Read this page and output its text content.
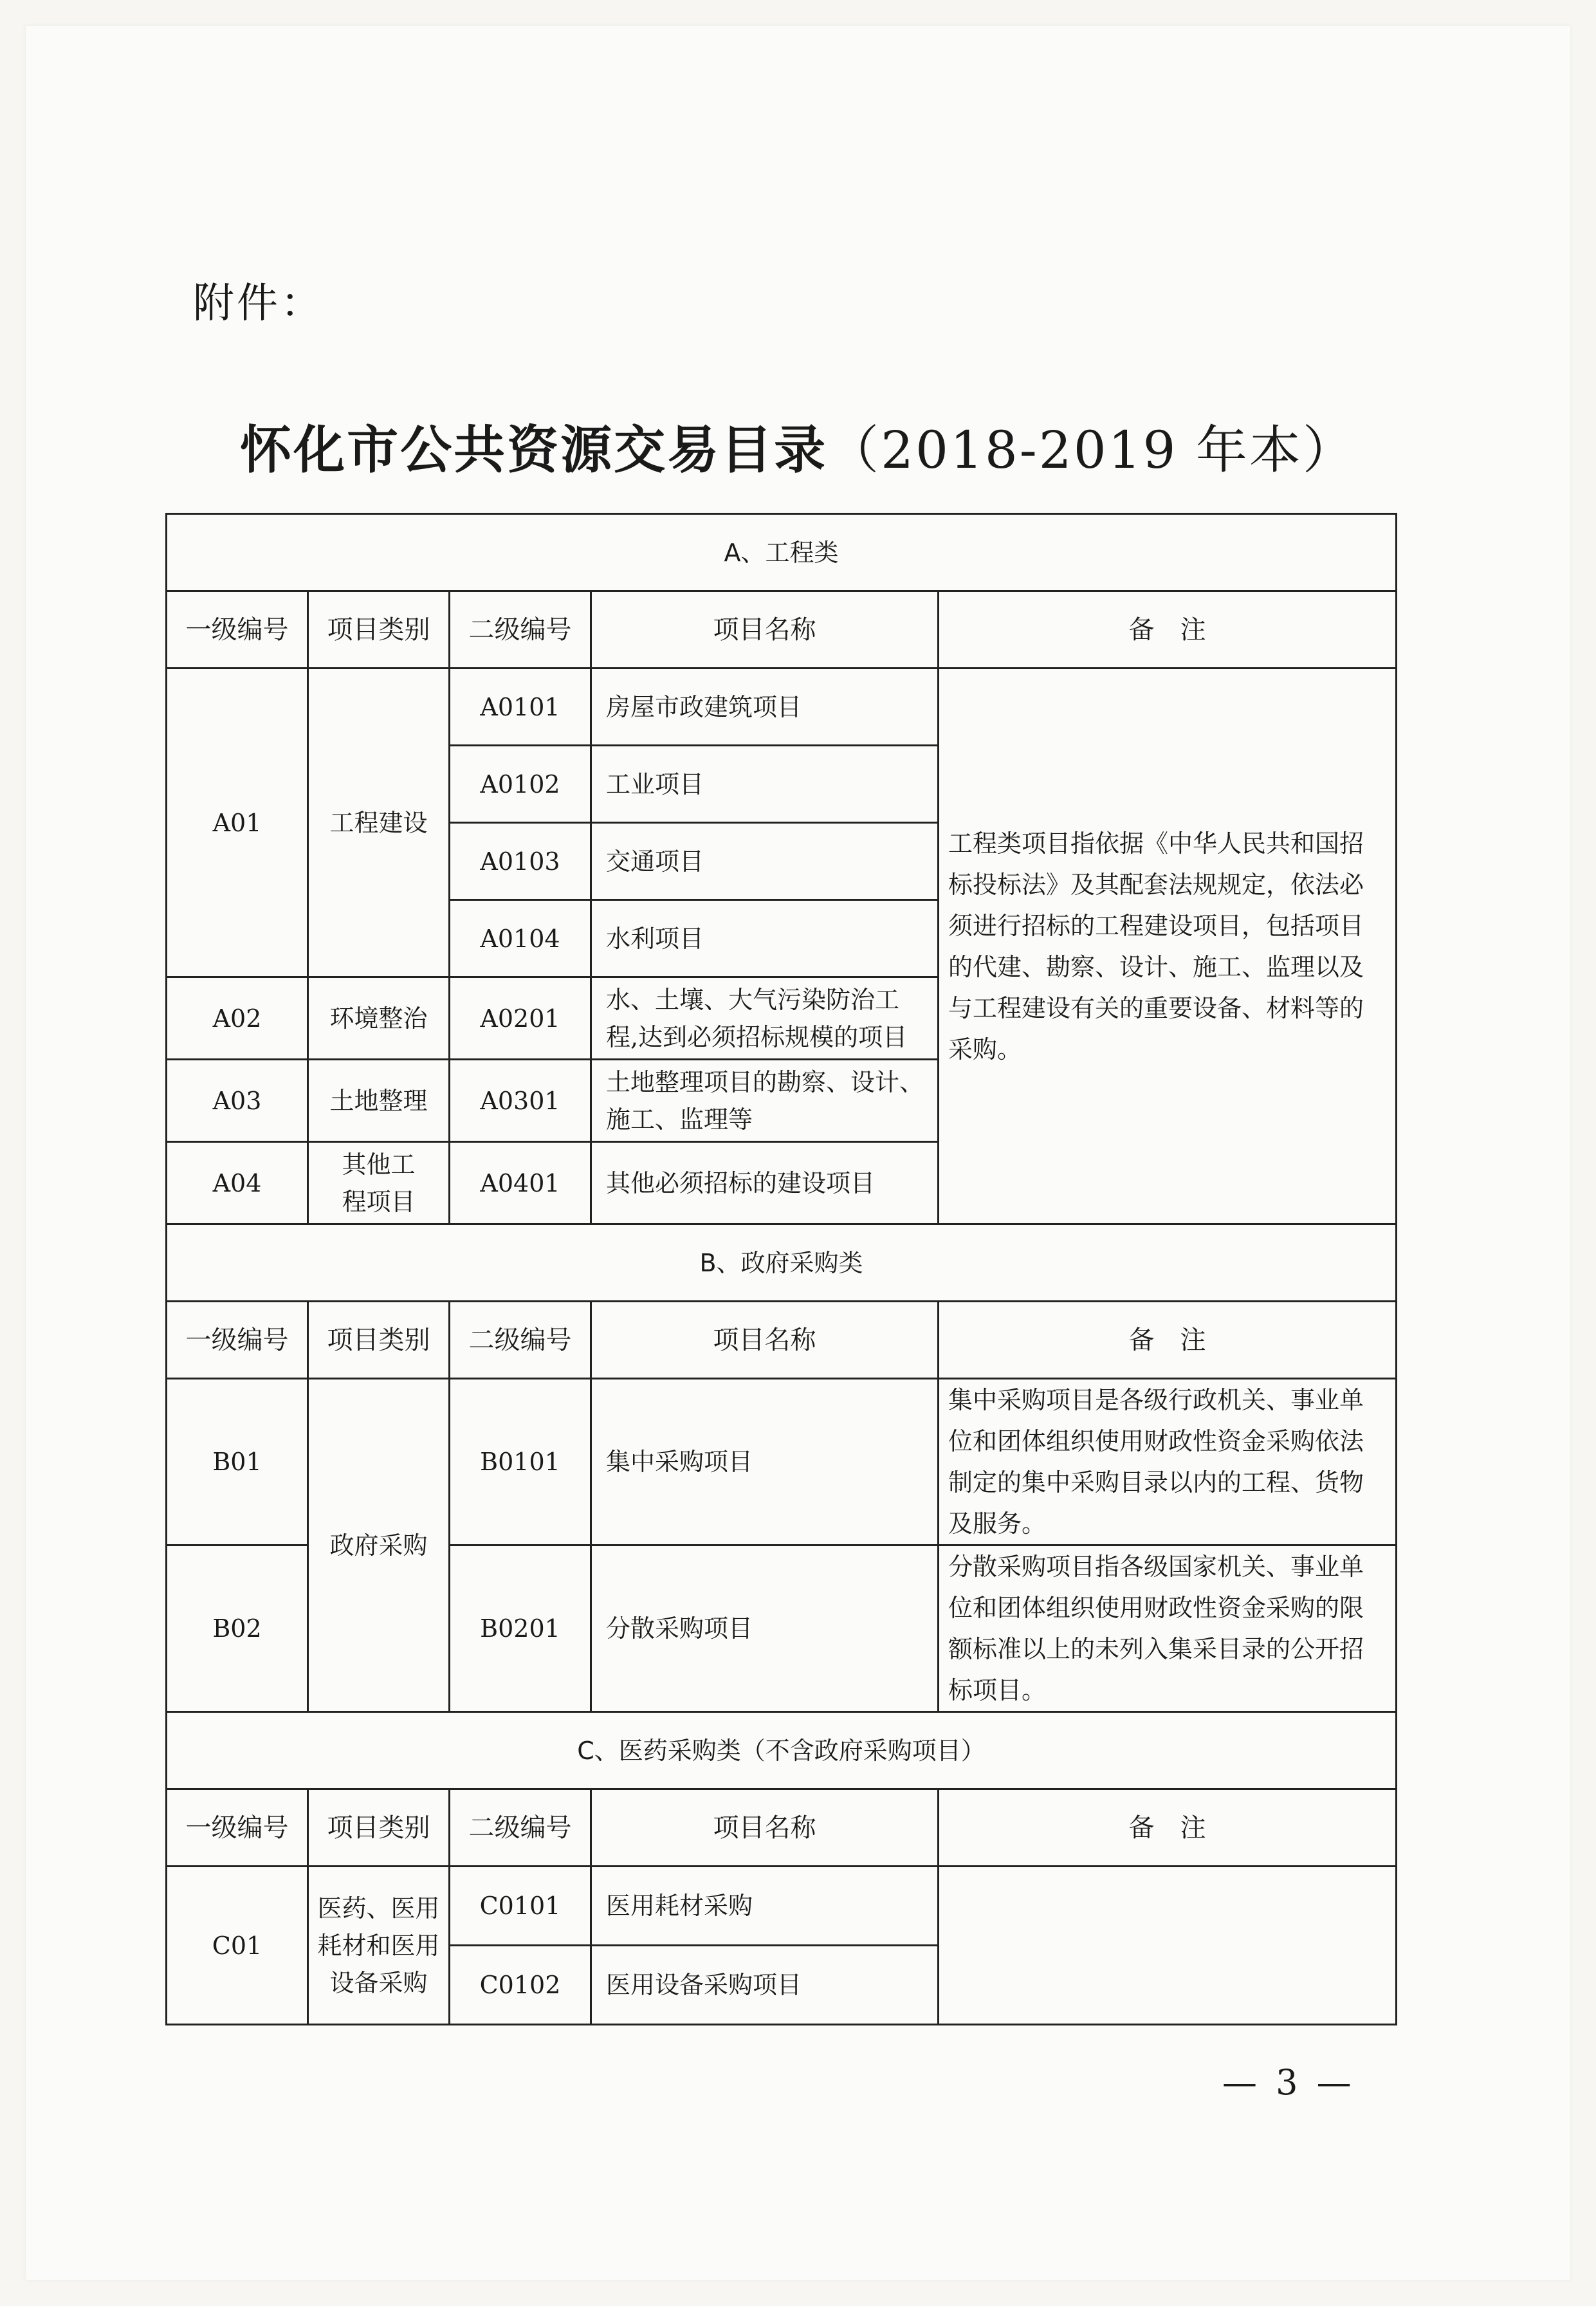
附件：
怀化市公共资源交易目录（2018-2019 年本）
A、工程类				
一级编号	项目类别	二级编号	项目名称	备　注
A01	工程建设	A0101	房屋市政建筑项目	工程类项目指依据《中华人民共和国招标投标法》及其配套法规规定，依法必须进行招标的工程建设项目，包括项目的代建、勘察、设计、施工、监理以及与工程建设有关的重要设备、材料等的采购。
		A0102	工业项目	
		A0103	交通项目	
		A0104	水利项目	
A02	环境整治	A0201	水、土壤、大气污染防治工程,达到必须招标规模的项目	
A03	土地整理	A0301	土地整理项目的勘察、设计、施工、监理等	
A04	其他工程项目	A0401	其他必须招标的建设项目	
B、政府采购类				
一级编号	项目类别	二级编号	项目名称	备　注
B01	政府采购	B0101	集中采购项目	集中采购项目是各级行政机关、事业单位和团体组织使用财政性资金采购依法制定的集中采购目录以内的工程、货物及服务。
B02		B0201	分散采购项目	分散采购项目指各级国家机关、事业单位和团体组织使用财政性资金采购的限额标准以上的未列入集采目录的公开招标项目。
C、医药采购类（不含政府采购项目）				
一级编号	项目类别	二级编号	项目名称	备　注
C01	医药、医用耗材和医用设备采购	C0101	医用耗材采购	
		C0102	医用设备采购项目	
— 3 —
